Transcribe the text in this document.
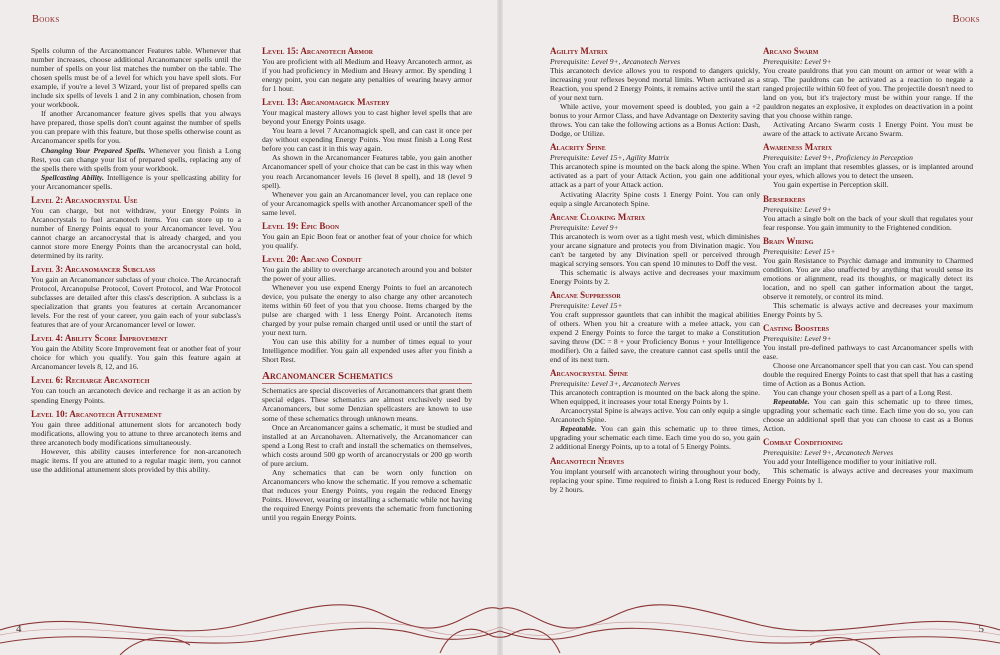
Books
Spells column of the Arcanomancer Features table. Whenever that number increases, choose additional Arcanomancer spells until the number of spells on your list matches the number on the table. The chosen spells must be of a level for which you have spell slots. For example, if you're a level 3 Wizard, your list of prepared spells can include six spells of levels 1 and 2 in any combination, chosen from your workbook.
If another Arcanomancer feature gives spells that you always have prepared, those spells don't count against the number of spells you can prepare with this feature, but those spells otherwise count as Arcanomancer spells for you.
Changing Your Prepared Spells. Whenever you finish a Long Rest, you can change your list of prepared spells, replacing any of the spells there with spells from your workbook.
Spellcasting Ability. Intelligence is your spellcasting ability for your Arcanomancer spells.
Level 2: Arcanocrystal Use
You can charge, but not withdraw, your Energy Points in Arcanocrystals to fuel arcanotech items. You can store up to a number of Energy Points equal to your Arcanomancer level. You cannot charge an arcanocrystal that is already charged, and you cannot store more Energy Points than the arcanocrystal can hold, determined by its rarity.
Level 3: Arcanomancer Subclass
You gain an Arcanomancer subclass of your choice. The Arcanocraft Protocol, Arcanopulse Protocol, Covert Protocol, and War Protocol subclasses are detailed after this class's description. A subclass is a specialization that grants you features at certain Arcanomancer levels. For the rest of your career, you gain each of your subclass's features that are of your Arcanomancer level or lower.
Level 4: Ability Score Improvement
You gain the Ability Score Improvement feat or another feat of your choice for which you qualify. You gain this feature again at Arcanomancer levels 8, 12, and 16.
Level 6: Recharge Arcanotech
You can touch an arcanotech device and recharge it as an action by spending Energy Points.
Level 10: Arcanotech Attunement
You gain three additional attunement slots for arcanotech body modifications, allowing you to attune to three arcanotech items and three arcanotech body modifications simultaneously.
However, this ability causes interference for non-arcanotech magic items. If you are attuned to a regular magic item, you cannot use the additional attunement slots provided by this ability.
Level 15: Arcanotech Armor
You are proficient with all Medium and Heavy Arcanotech armor, as if you had proficiency in Medium and Heavy armor. By spending 1 energy point, you can negate any penalties of wearing heavy armor for 1 hour.
Level 13: Arcanomagick Mastery
Your magical mastery allows you to cast higher level spells that are beyond your Energy Points usage.
You learn a level 7 Arcanomagick spell, and can cast it once per day without expending Energy Points. You must finish a Long Rest before you can cast it in this way again.
As shown in the Arcanomancer Features table, you gain another Arcanomancer spell of your choice that can be cast in this way when you reach Arcanomancer levels 16 (level 8 spell), and 18 (level 9 spell).
Whenever you gain an Arcanomancer level, you can replace one of your Arcanomagick spells with another Arcanomancer spell of the same level.
Level 19: Epic Boon
You gain an Epic Boon feat or another feat of your choice for which you qualify.
Level 20: Arcano Conduit
You gain the ability to overcharge arcanotech around you and bolster the power of your allies.
Whenever you use expend Energy Points to fuel an arcanotech device, you pulsate the energy to also charge any other arcanotech items within 60 feet of you that you choose. Items charged by the pulse are charged with 1 less Energy Point. Arcanotech items charged by your pulse remain charged until used or until the start of your next turn.
You can use this ability for a number of times equal to your Intelligence modifier. You gain all expended uses after you finish a Short Rest.
Arcanomancer Schematics
Schematics are special discoveries of Arcanomancers that grant them special edges. These schematics are almost exclusively used by Arcanomancers, but some Denzian spellcasters are known to use some of these schematics through unknown means.
Once an Arcanomancer gains a schematic, it must be studied and installed at an Arcanohaven. Alternatively, the Arcanomancer can spend a Long Rest to craft and install the schematics on themselves, which costs around 500 gp worth of arcanocrystals or 200 gp worth of pure arcium.
Any schematics that can be worn only function on Arcanomancers who know the schematic. If you remove a schematic that reduces your Energy Points, you regain the reduced Energy Points. However, wearing or installing a schematic while not having the required Energy Points prevents the schematic from functioning until you regain Energy Points.
4
Books
Agility Matrix
Prerequisite: Level 9+, Arcanotech Nerves
This arcanotech device allows you to respond to dangers quickly, increasing your reflexes beyond mortal limits. When activated as a Reaction, you spend 2 Energy Points, it remains active until the start of your next turn.
While active, your movement speed is doubled, you gain a +2 bonus to your Armor Class, and have Advantage on Dexterity saving throws. You can take the following actions as a Bonus Action: Dash, Dodge, or Utilize.
Alacrity Spine
Prerequisite: Level 15+, Agility Matrix
This arcanotech spine is mounted on the back along the spine. When activated as a part of your Attack Action, you gain one additional attack as a part of your Attack action.
Activating Alacrity Spine costs 1 Energy Point. You can only equip a single Arcanotech Spine.
Arcane Cloaking Matrix
Prerequisite: Level 9+
This arcanotech is worn over as a tight mesh vest, which diminishes your arcane signature and protects you from Divination magic. You can't be targeted by any Divination spell or perceived through magical scrying sensors. You can spend 10 minutes to Doff the vest.
This schematic is always active and decreases your maximum Energy Points by 2.
Arcane Suppressor
Prerequisite: Level 15+
You craft suppressor gauntlets that can inhibit the magical abilities of others. When you hit a creature with a melee attack, you can expend 2 Energy Points to force the target to make a Constitution saving throw (DC = 8 + your Proficiency Bonus + your Intelligence modifier). On a failed save, the creature cannot cast spells until the end of its next turn.
Arcanocrystal Spine
Prerequisite: Level 3+, Arcanotech Nerves
This arcanotech contraption is mounted on the back along the spine. When equipped, it increases your total Energy Points by 1.
Arcanocrystal Spine is always active. You can only equip a single Arcanotech Spine.
Repeatable. You can gain this schematic up to three times, upgrading your schematic each time. Each time you do so, you gain 2 additional Energy Points, up to a total of 5 Energy Points.
Arcanotech Nerves
You implant yourself with arcanotech wiring throughout your body, replacing your spine. Time required to finish a Long Rest is reduced by 2 hours.
Arcano Swarm
Prerequisite: Level 9+
You create pauldrons that you can mount on armor or wear with a strap. The pauldrons can be activated as a reaction to negate a ranged projectile within 60 feet of you. The projectile doesn't need to land on you, but it's trajectory must be within your range. If the pauldron negates an explosive, it explodes on deactivation in a point that you choose within range.
Activating Arcano Swarm costs 1 Energy Point. You must be aware of the attack to activate Arcano Swarm.
Awareness Matrix
Prerequisite: Level 9+, Proficiency in Perception
You craft an implant that resembles glasses, or is implanted around your eyes, which allows you to detect the unseen.
You gain expertise in Perception skill.
Berserkers
Prerequisite: Level 9+
You attach a single bolt on the back of your skull that regulates your fear response. You gain immunity to the Frightened condition.
Brain Wiring
Prerequisite: Level 15+
You gain Resistance to Psychic damage and immunity to Charmed condition. You are also unaffected by anything that would sense its emotions or alignment, read its thoughts, or magically detect its location, and no spell can gather information about the target, observe it remotely, or control its mind.
This schematic is always active and decreases your maximum Energy Points by 5.
Casting Boosters
Prerequisite: Level 9+
You install pre-defined pathways to cast Arcanomancer spells with ease.
Choose one Arcanomancer spell that you can cast. You can spend double the required Energy Points to cast that spell that has a casting time of Action as a Bonus Action.
You can change your chosen spell as a part of a Long Rest.
Repeatable. You can gain this schematic up to three times, upgrading your schematic each time. Each time you do so, you can choose an additional spell that you can choose to cast as a Bonus Action.
Combat Conditioning
Prerequisite: Level 9+, Arcanotech Nerves
You add your Intelligence modifier to your initiative roll.
This schematic is always active and decreases your maximum Energy Points by 1.
5
